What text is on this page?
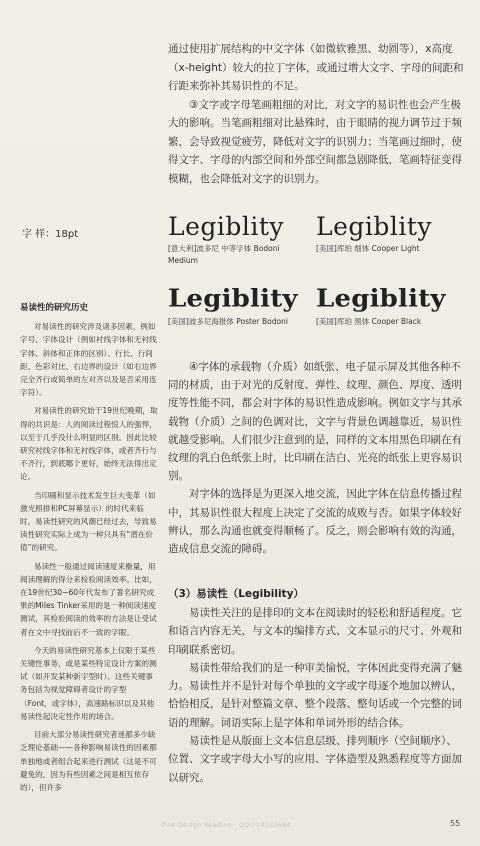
通过使用扩展结构的中文字体（如微软雅黑、幼圆等），x高度（x-height）较大的拉丁字体，或通过增大文字、字母的间距和行距来弥补其易识性的不足。

③文字或字母笔画粗细的对比，对文字的易识性也会产生极大的影响。当笔画粗细对比悬殊时，由于眼睛的视力调节过于频繁，会导致视觉疲劳，降低对文字的识别力；当笔画过细时，使得文字、字母的内部空间和外部空间都急剧降低，笔画特征变得模糊，也会降低对文字的识别力。

字 样：18pt	Legiblity
[意大利]波多尼 中等字体 Bodoni Medium
Legiblity
[美国]库珀 细体 Cooper Light
Legiblity
[美国]波多尼海报体 Poster Bodoni
Legiblity
[美国]库珀 黑体 Cooper Black
易读性的研究历史

对易读性的研究涉及诸多因素，例如字号、字体设计（例如衬线字体和无衬线字体、斜体和正体的区别）、行长、行间距、色彩对比、右边界的设计（如右边界完全齐行或简单的左对齐以及是否采用连字符）。

对易读性的研究始于19世纪晚期，取得的共识是：人的阅读过程惊人的强悍，以至于几乎没什么明显的区别。因此比较研究衬线字体和无衬线字体，或者齐行与不齐行，到底哪个更好，始终无法得出定论。

当印刷和显示技术发生巨大变革（如激光照排和PC屏幕显示）的时代来临时，易读性研究的风潮已经过去，导致易读性研究实际上成为一种只具有“潜在价值”的研究。

易读性一般通过阅读速度来衡量，用阅读理解的得分来检验阅读效率。比如，在19世纪30~60年代发布了著名研究成果的Miles Tinker采用的是一种阅读速度测试，其检验阅读的效率的方法是让受试者在文中寻找前后不一致的字眼。

今天的易读性研究基本上仅限于某些关键性事务，或是某些特定设计方案的测试（如开发某种新字型时）。这些关键事务包括为视觉障碍者设计的字型（Font，或字体），高速路标识以及其他易读性起决定性作用的场合。

目前大部分易读性研究者迷都多少缺乏理论基础——各种影响易读性的因素都单独地或者组合起来进行测试（这是不可避免的，因为有些因素之间是相互依存的），但许多

④字体的承载物（介质）如纸张、电子显示屏及其他各种不同的材质，由于对光的反射度、弹性、纹理、颜色、厚度、透明度等性能不同，都会对字体的易识性造成影响。例如文字与其承载物（介质）之间的色调对比，文字与背景色调越靠近，易识性就越受影响。人们很少注意到的是，同样的文本用黑色印刷在有纹理的乳白色纸张上时，比印刷在洁白、光亮的纸张上更容易识别。

对字体的选择是为更深入地交流，因此字体在信息传播过程中，其易识性很大程度上决定了交流的成败与否。如果字体较好辨认，那么沟通也就变得顺畅了。反之，则会影响有效的沟通，造成信息交流的障碍。

（3）易读性（Legibility）

易读性关注的是排印的文本在阅读时的轻松和舒适程度。它和语言内容无关，与文本的编排方式、文本显示的尺寸、外观和印刷联系密切。

易读性带给我们的是一种审美愉悦，字体因此变得充满了魅力。易读性并不是针对每个单独的文字或字母逐个地加以辨认，恰恰相反，是针对整篇文章、整个段落、整句话或一个完整的词语的理解。词语实际上是字体和单词外形的结合体。

易读性是从版面上文本信息层级、排列顺序（空间顺序）、位置、文字或字母大小写的应用、字体造型及熟悉程度等方面加以研究。

©3A Design Reading · QQ:724033664	55
